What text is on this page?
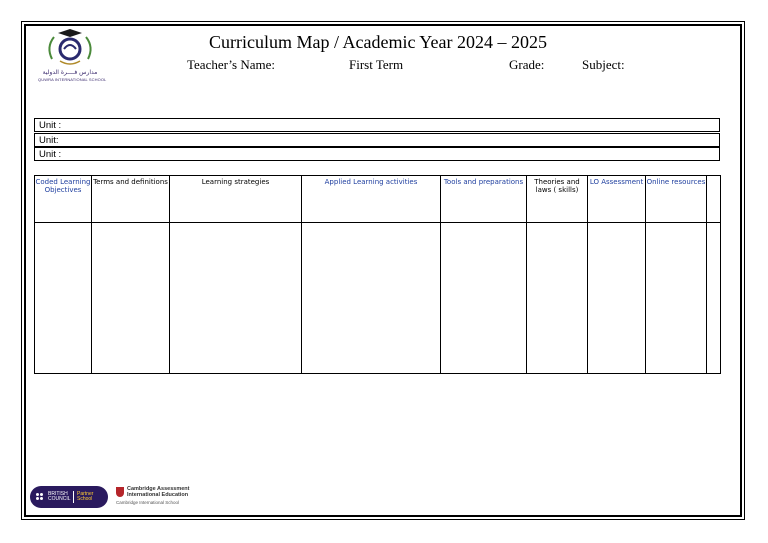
مدارس فــــرة الدولية
QUWRA INTERNATIONAL SCHOOL
Curriculum Map / Academic Year 2024 – 2025
Teacher’s Name:	First Term	Grade:	Subject:
Unit :
Unit:
Unit :
Coded Learning Objectives	Terms and definitions	Learning strategies	Applied Learning activities	Tools and preparations	Theories and laws ( skills)	LO Assessment	Online resources	

BRITISH
COUNCIL
Partner
School
Cambridge Assessment
International Education
Cambridge International School
